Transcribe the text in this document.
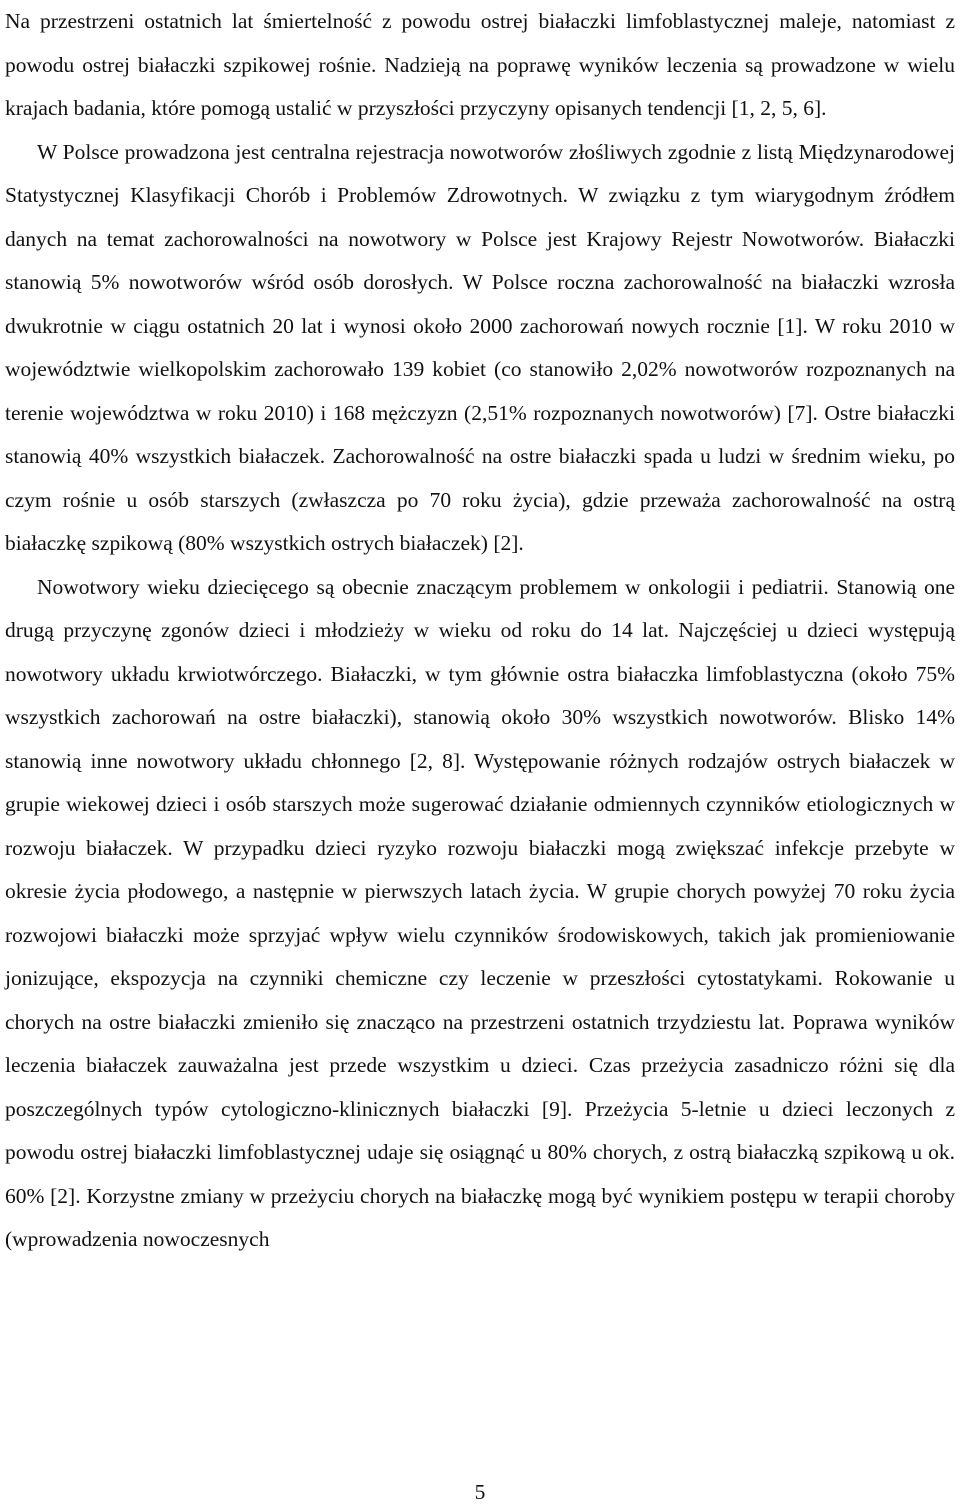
Na przestrzeni ostatnich lat śmiertelność z powodu ostrej białaczki limfoblastycznej maleje, natomiast z powodu ostrej białaczki szpikowej rośnie. Nadzieją na poprawę wyników leczenia są prowadzone w wielu krajach badania, które pomogą ustalić w przyszłości przyczyny opisanych tendencji [1, 2, 5, 6].

W Polsce prowadzona jest centralna rejestracja nowotworów złośliwych zgodnie z listą Międzynarodowej Statystycznej Klasyfikacji Chorób i Problemów Zdrowotnych. W związku z tym wiarygodnym źródłem danych na temat zachorowalności na nowotwory w Polsce jest Krajowy Rejestr Nowotworów. Białaczki stanowią 5% nowotworów wśród osób dorosłych. W Polsce roczna zachorowalność na białaczki wzrosła dwukrotnie w ciągu ostatnich 20 lat i wynosi około 2000 zachorowań nowych rocznie [1]. W roku 2010 w województwie wielkopolskim zachorowało 139 kobiet (co stanowiło 2,02% nowotworów rozpoznanych na terenie województwa w roku 2010) i 168 mężczyzn (2,51% rozpoznanych nowotworów) [7]. Ostre białaczki stanowią 40% wszystkich białaczek. Zachorowalność na ostre białaczki spada u ludzi w średnim wieku, po czym rośnie u osób starszych (zwłaszcza po 70 roku życia), gdzie przeważa zachorowalność na ostrą białaczkę szpikową (80% wszystkich ostrych białaczek) [2].

Nowotwory wieku dziecięcego są obecnie znaczącym problemem w onkologii i pediatrii. Stanowią one drugą przyczynę zgonów dzieci i młodzieży w wieku od roku do 14 lat. Najczęściej u dzieci występują nowotwory układu krwiotwórczego. Białaczki, w tym głównie ostra białaczka limfoblastyczna (około 75% wszystkich zachorowań na ostre białaczki), stanowią około 30% wszystkich nowotworów. Blisko 14% stanowią inne nowotwory układu chłonnego [2, 8]. Występowanie różnych rodzajów ostrych białaczek w grupie wiekowej dzieci i osób starszych może sugerować działanie odmiennych czynników etiologicznych w rozwoju białaczek. W przypadku dzieci ryzyko rozwoju białaczki mogą zwiększać infekcje przebyte w okresie życia płodowego, a następnie w pierwszych latach życia. W grupie chorych powyżej 70 roku życia rozwojowi białaczki może sprzyjać wpływ wielu czynników środowiskowych, takich jak promieniowanie jonizujące, ekspozycja na czynniki chemiczne czy leczenie w przeszłości cytostatykami. Rokowanie u chorych na ostre białaczki zmieniło się znacząco na przestrzeni ostatnich trzydziestu lat. Poprawa wyników leczenia białaczek zauważalna jest przede wszystkim u dzieci. Czas przeżycia zasadniczo różni się dla poszczególnych typów cytologiczno-klinicznych białaczki [9]. Przeżycia 5-letnie u dzieci leczonych z powodu ostrej białaczki limfoblastycznej udaje się osiągnąć u 80% chorych, z ostrą białaczką szpikową u ok. 60% [2]. Korzystne zmiany w przeżyciu chorych na białaczkę mogą być wynikiem postępu w terapii choroby (wprowadzenia nowoczesnych

5
